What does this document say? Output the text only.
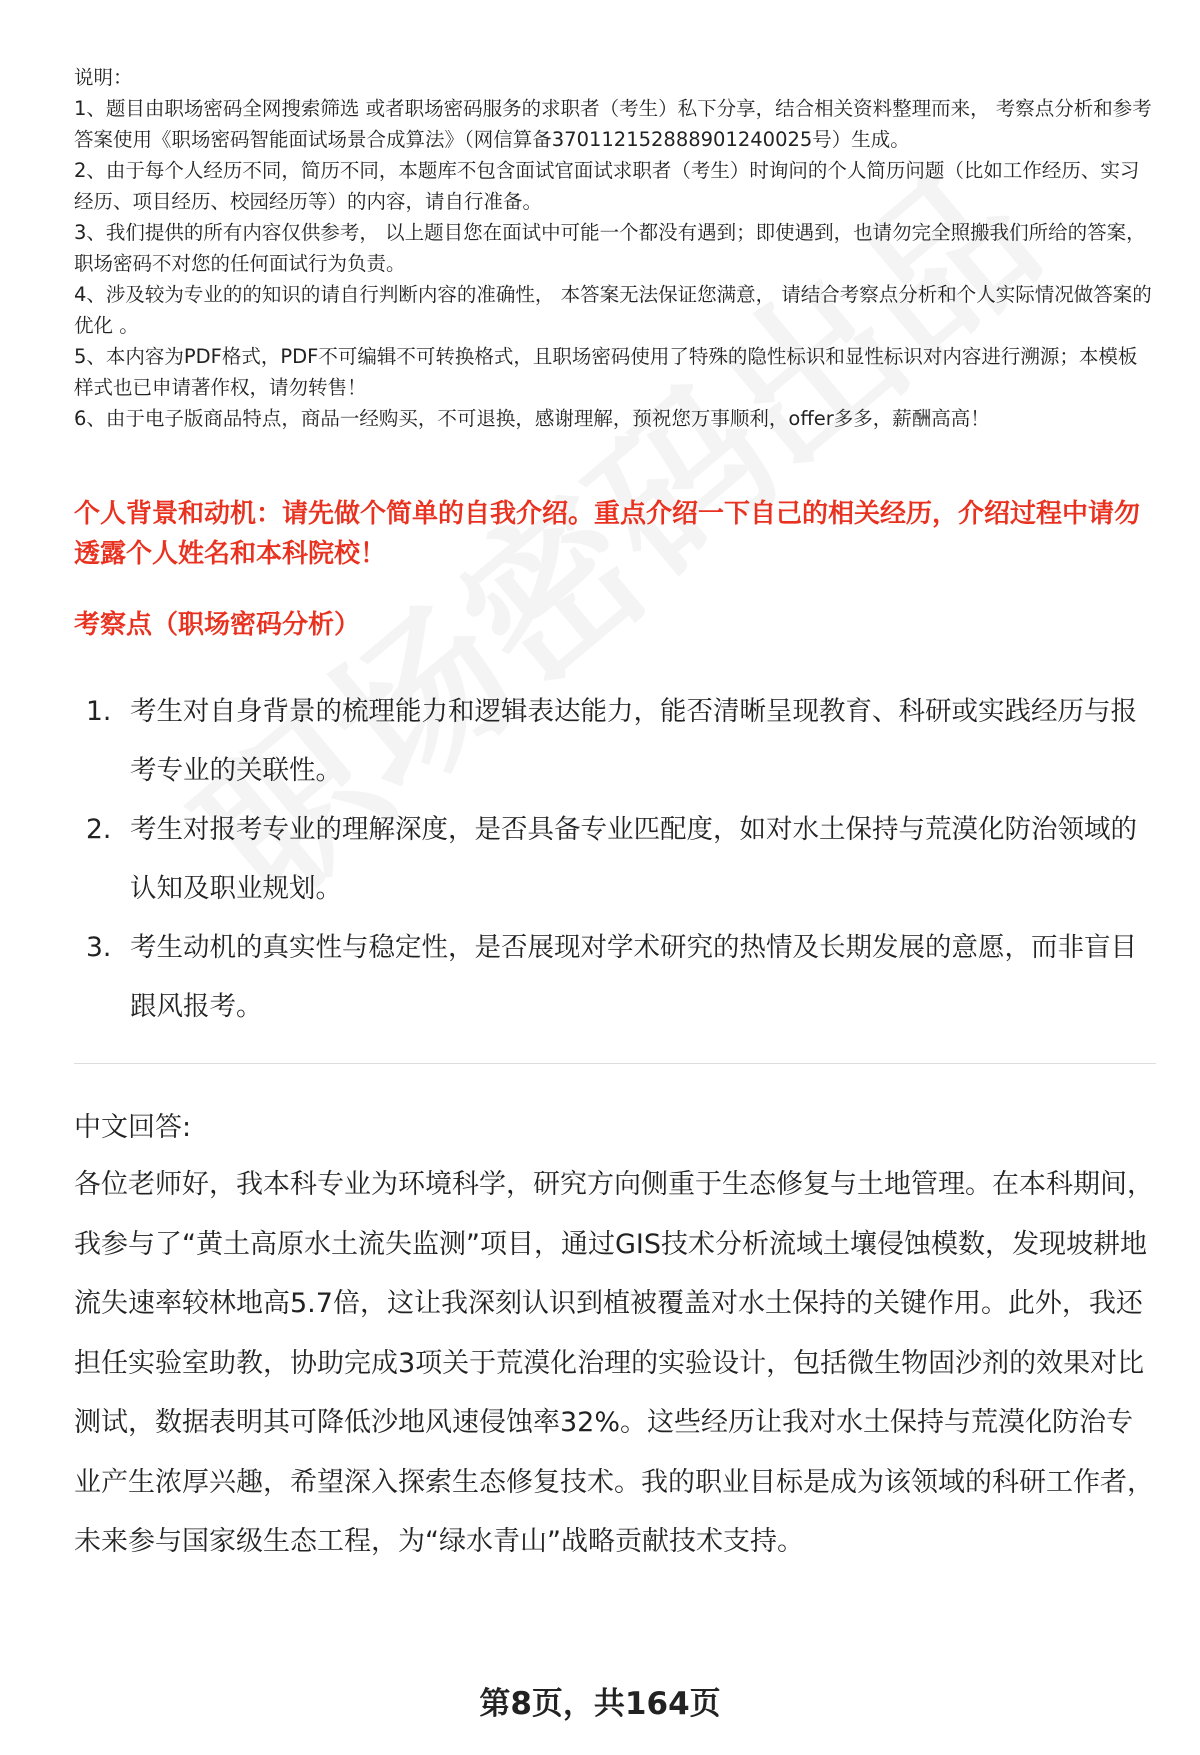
说明：

1、题目由职场密码全网搜索筛选 或者职场密码服务的求职者（考生）私下分享，结合相关资料整理而来， 考察点分析和参考答案使用《职场密码智能面试场景合成算法》（网信算备370112152888901240025号）生成。

2、由于每个人经历不同，简历不同，本题库不包含面试官面试求职者（考生）时询问的个人简历问题（比如工作经历、实习经历、项目经历、校园经历等）的内容，请自行准备。

3、我们提供的所有内容仅供参考， 以上题目您在面试中可能一个都没有遇到；即使遇到，也请勿完全照搬我们所给的答案，职场密码不对您的任何面试行为负责。

4、涉及较为专业的的知识的请自行判断内容的准确性， 本答案无法保证您满意， 请结合考察点分析和个人实际情况做答案的优化 。

5、本内容为PDF格式，PDF不可编辑不可转换格式，且职场密码使用了特殊的隐性标识和显性标识对内容进行溯源；本模板样式也已申请著作权，请勿转售！

6、由于电子版商品特点，商品一经购买，不可退换，感谢理解，预祝您万事顺利，offer多多，薪酬高高！

个人背景和动机：请先做个简单的自我介绍。重点介绍一下自己的相关经历，介绍过程中请勿透露个人姓名和本科院校！
考察点（职场密码分析）
1. 考生对自身背景的梳理能力和逻辑表达能力，能否清晰呈现教育、科研或实践经历与报考专业的关联性。
2. 考生对报考专业的理解深度，是否具备专业匹配度，如对水土保持与荒漠化防治领域的认知及职业规划。
3. 考生动机的真实性与稳定性，是否展现对学术研究的热情及长期发展的意愿，而非盲目跟风报考。
中文回答:

各位老师好，我本科专业为环境科学，研究方向侧重于生态修复与土地管理。在本科期间，我参与了“黄土高原水土流失监测”项目，通过GIS技术分析流域土壤侵蚀模数，发现坡耕地流失速率较林地高5.7倍，这让我深刻认识到植被覆盖对水土保持的关键作用。此外，我还担任实验室助教，协助完成3项关于荒漠化治理的实验设计，包括微生物固沙剂的效果对比测试，数据表明其可降低沙地风速侵蚀率32%。这些经历让我对水土保持与荒漠化防治专业产生浓厚兴趣，希望深入探索生态修复技术。我的职业目标是成为该领域的科研工作者，未来参与国家级生态工程，为“绿水青山”战略贡献技术支持。

第8页，共164页
